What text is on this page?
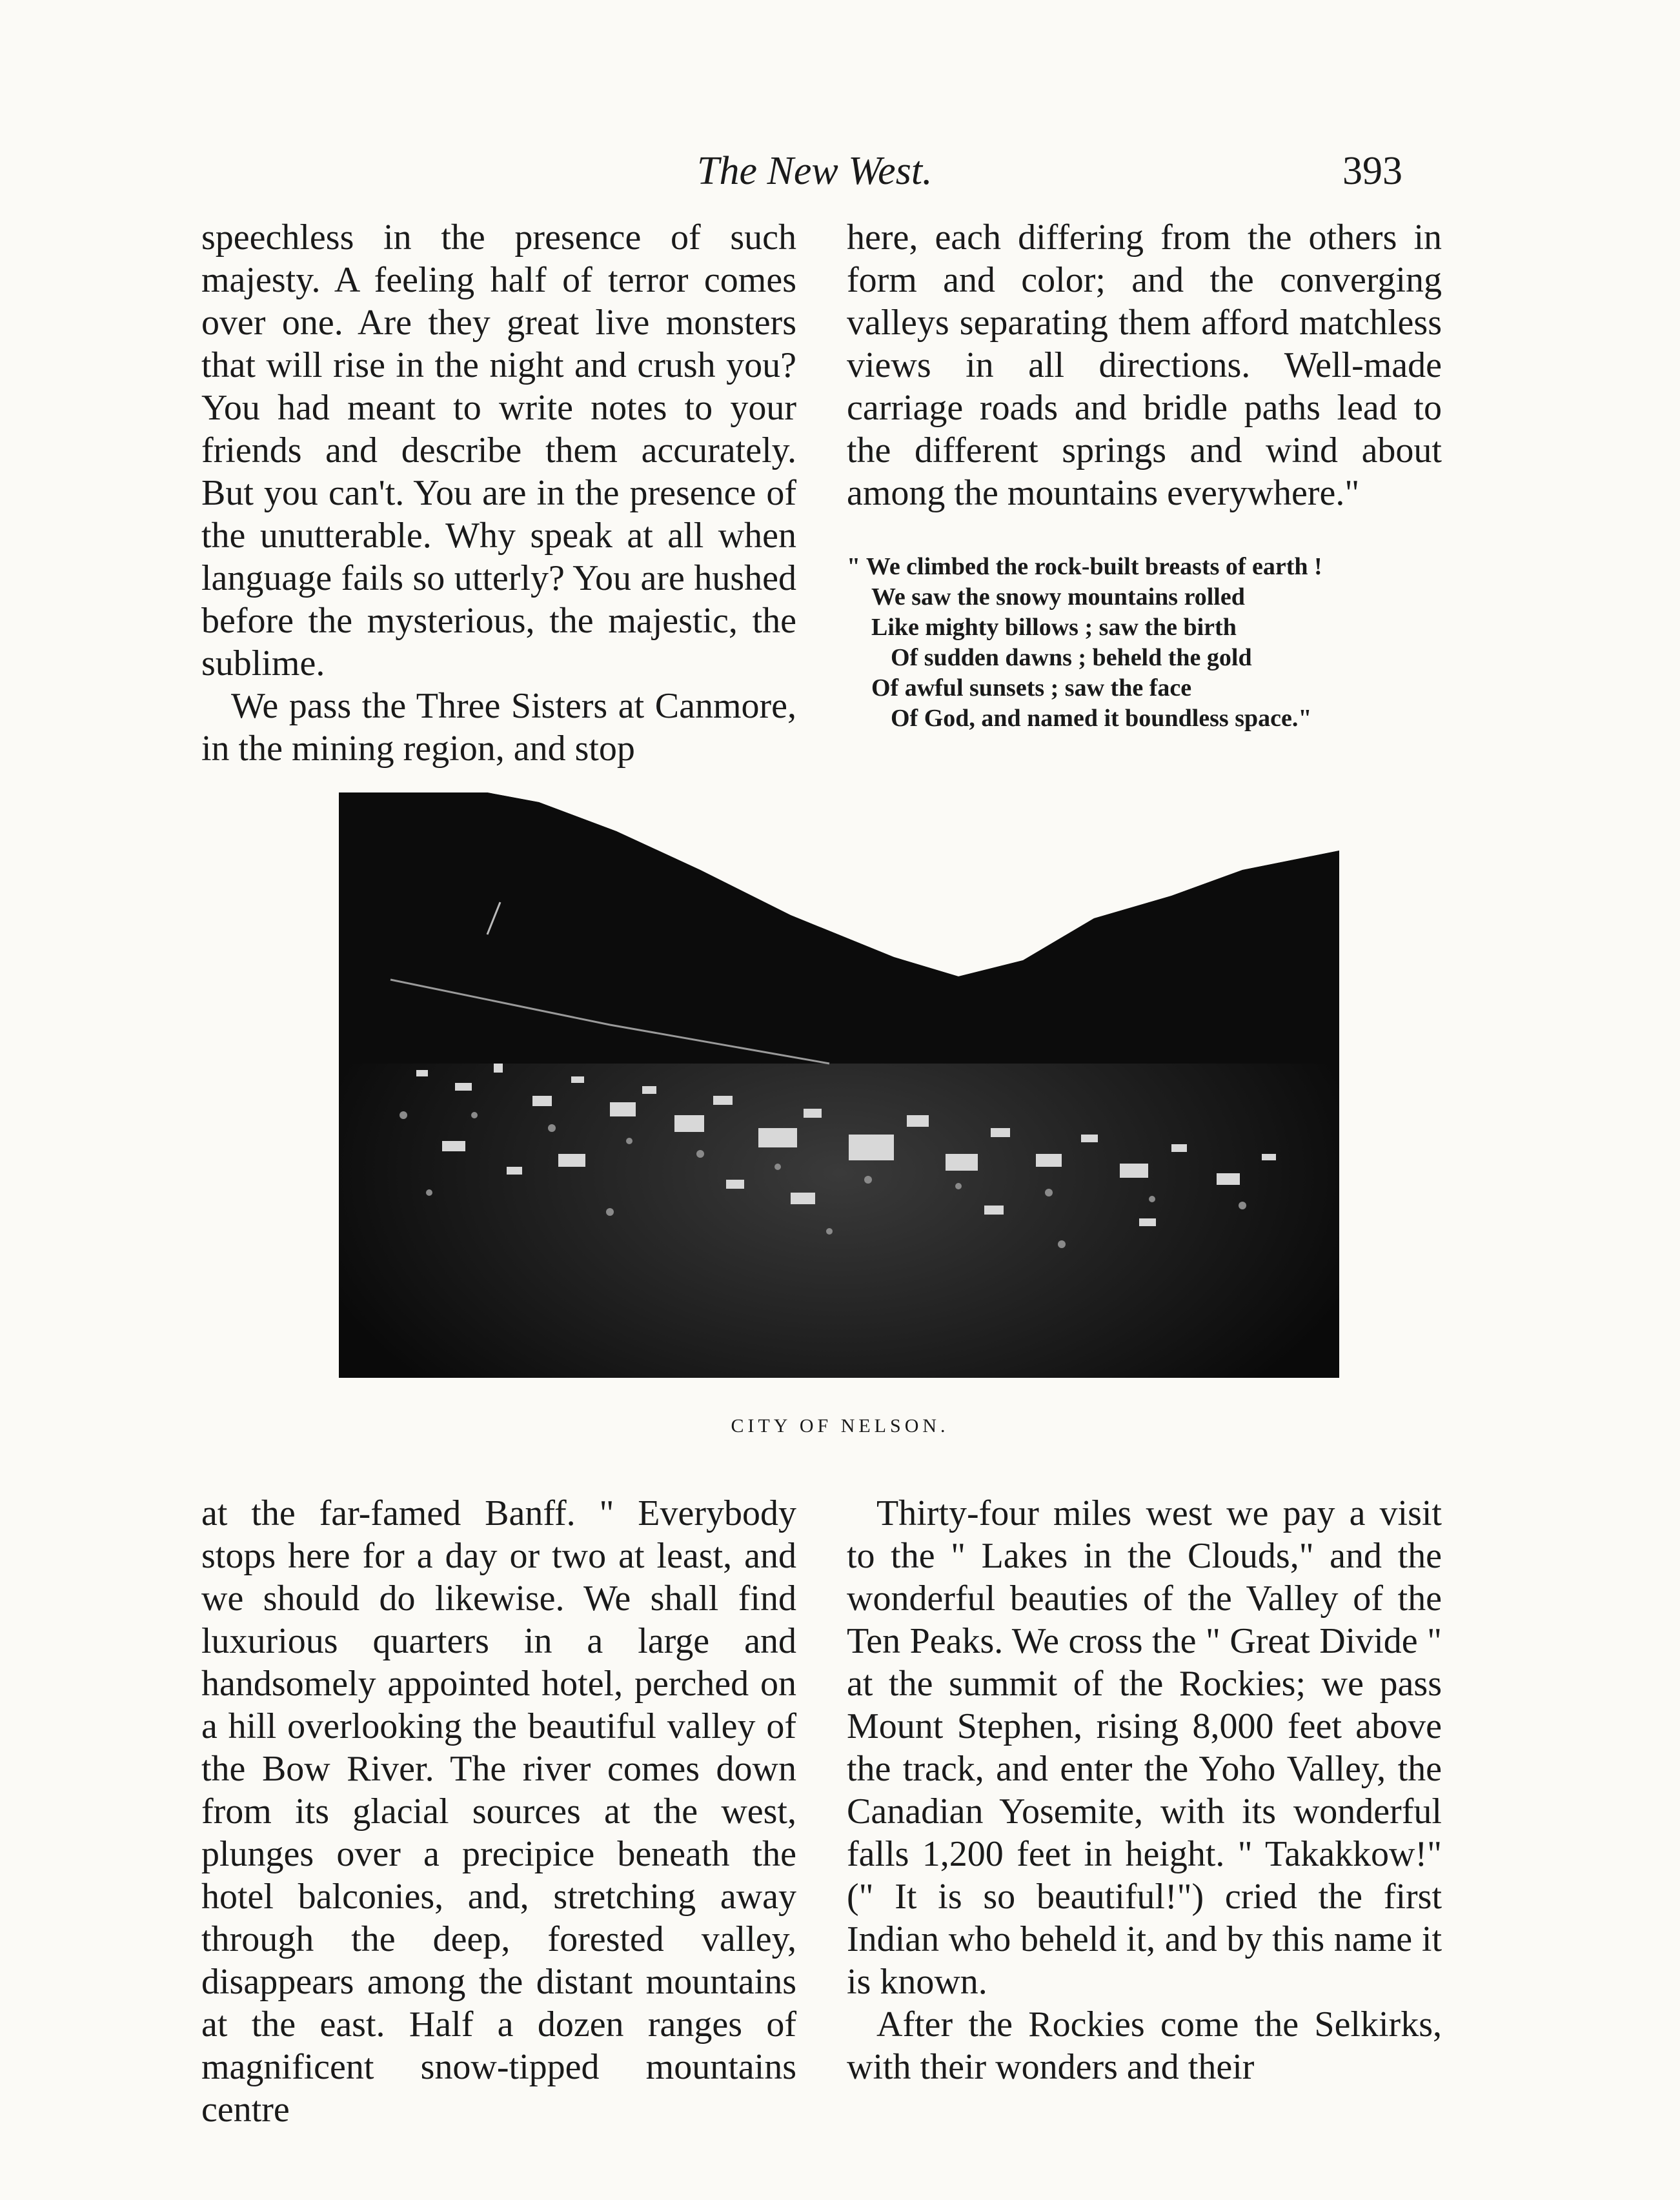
The New West.	393

speechless in the presence of such majesty. A feeling half of terror comes over one. Are they great live monsters that will rise in the night and crush you? You had meant to write notes to your friends and describe them accurately. But you can't. You are in the presence of the unutterable. Why speak at all when language fails so utterly? You are hushed before the mysterious, the majestic, the sublime.

We pass the Three Sisters at Canmore, in the mining region, and stop

here, each differing from the others in form and color; and the converging valleys separating them afford matchless views in all directions. Well-made carriage roads and bridle paths lead to the different springs and wind about among the mountains everywhere."

" We climbed the rock-built breasts of earth !
We saw the snowy mountains rolled
Like mighty billows ; saw the birth
Of sudden dawns ; beheld the gold
Of awful sunsets ; saw the face
Of God, and named it boundless space."
CITY OF NELSON.

at the far-famed Banff. " Everybody stops here for a day or two at least, and we should do likewise. We shall find luxurious quarters in a large and handsomely appointed hotel, perched on a hill overlooking the beautiful valley of the Bow River. The river comes down from its glacial sources at the west, plunges over a precipice beneath the hotel balconies, and, stretching away through the deep, forested valley, disappears among the distant mountains at the east. Half a dozen ranges of magnificent snow-tipped mountains centre

Thirty-four miles west we pay a visit to the " Lakes in the Clouds," and the wonderful beauties of the Valley of the Ten Peaks. We cross the " Great Divide " at the summit of the Rockies; we pass Mount Stephen, rising 8,000 feet above the track, and enter the Yoho Valley, the Canadian Yosemite, with its wonderful falls 1,200 feet in height. " Takakkow!" (" It is so beautiful!") cried the first Indian who beheld it, and by this name it is known.

After the Rockies come the Selkirks, with their wonders and their
